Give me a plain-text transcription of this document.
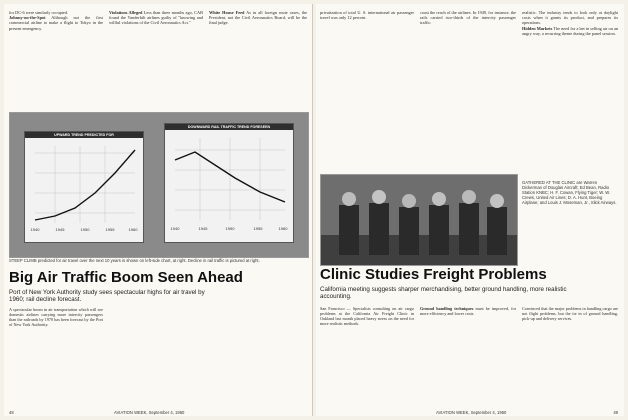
for DC-6 were similarly occupied.

Johnny-on-the-Spot Although not the first commercial airline to make a flight to Tokyo in the present emergency.

Violations Alleged Less than three months ago, CAB found the Vanderbilt airlines guilty of "knowing and willful violations of the Civil Aeronautics Act."

White House Feed As in all foreign route cases, the President, not the Civil Aeronautics Board, will be the final judge.

UPWARD TREND PREDICTED FOR
1940	1945	1950	1955	1960
DOWNWARD RAIL TRAFFIC TREND FORESEEN
1940	1945	1950	1955	1960
STEEP CLIMB predicted for air travel over the next 10 years is shown on left-side chart, at right. Decline in rail traffic is pictured at right.
Big Air Traffic Boom Seen Ahead
Port of New York Authority study sees spectacular highs for air travel by 1960; rail decline forecast.
A spectacular boom in air transportation which will see domestic airlines carrying more intercity passengers than the railroads by 1970 has been forecast by the Port of New York Authority.
48	AVIATION WEEK, September 4, 1950

privatization of total U. S. international air passenger travel was only 12 percent.

coast the reach of the airlines. In 1949, for instance, the rails carried two-thirds of the intercity passenger traffic.

realistic. The industry tends to look only at daylight costs when it grants its product, and prepares its operations.

Hidden Markets The need for a bet in selling air on an angry way, a recurring theme during the panel session.

GATHERED AT THE CLINIC are Warren Dickerman of Douglas Aircraft; Ed Bean, Radio Station KNBC; H. F. Cowan, Flying Tiger; W. W. Crews, United Air Lines; D. A. Hunt, Boeing Airplane; and Louis J. Moseman, Jr., Slick Airways.
Clinic Studies Freight Problems
California meeting suggests sharper merchandising, better ground handling, more realistic accounting.
San Francisco — Specialists consulting on air cargo problems at the California Air Freight Clinic in Oakland last month placed heavy stress on the need for more realistic methods.
Ground handling techniques must be improved, for more efficiency and lower costs.
Convinced that the major problems in handling cargo are not flight problems, but the tie in of ground handling, pick-up and delivery services.
AVIATION WEEK, September 4, 1950	49
